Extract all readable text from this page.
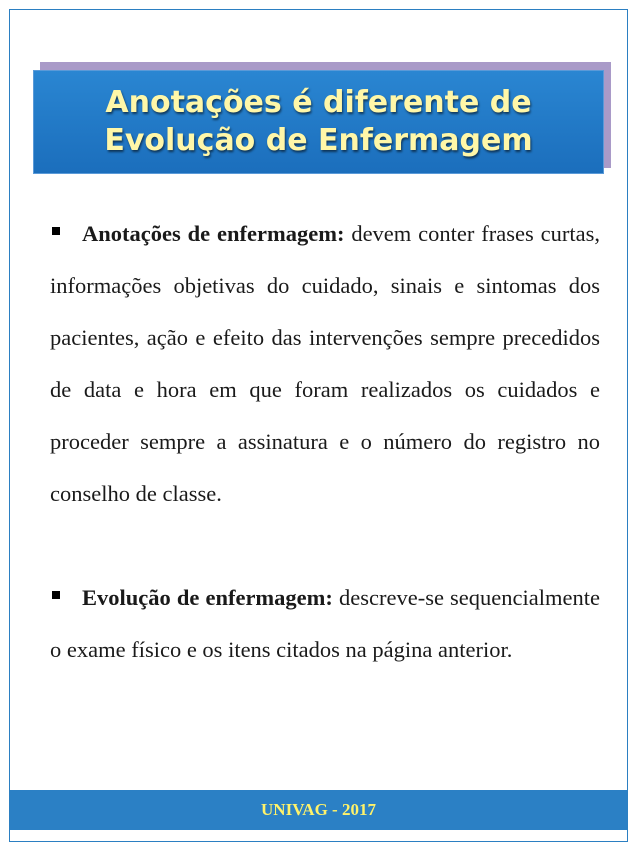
Anotações é diferente de
Evolução de Enfermagem

Anotações de enfermagem: devem conter frases curtas, informações objetivas do cuidado, sinais e sintomas dos pacientes, ação e efeito das intervenções sempre precedidos de data e hora em que foram realizados os cuidados e proceder sempre a assinatura e o número do registro no conselho de classe.

Evolução de enfermagem: descreve-se sequencialmente o exame físico e os itens citados na página anterior.

UNIVAG - 2017
